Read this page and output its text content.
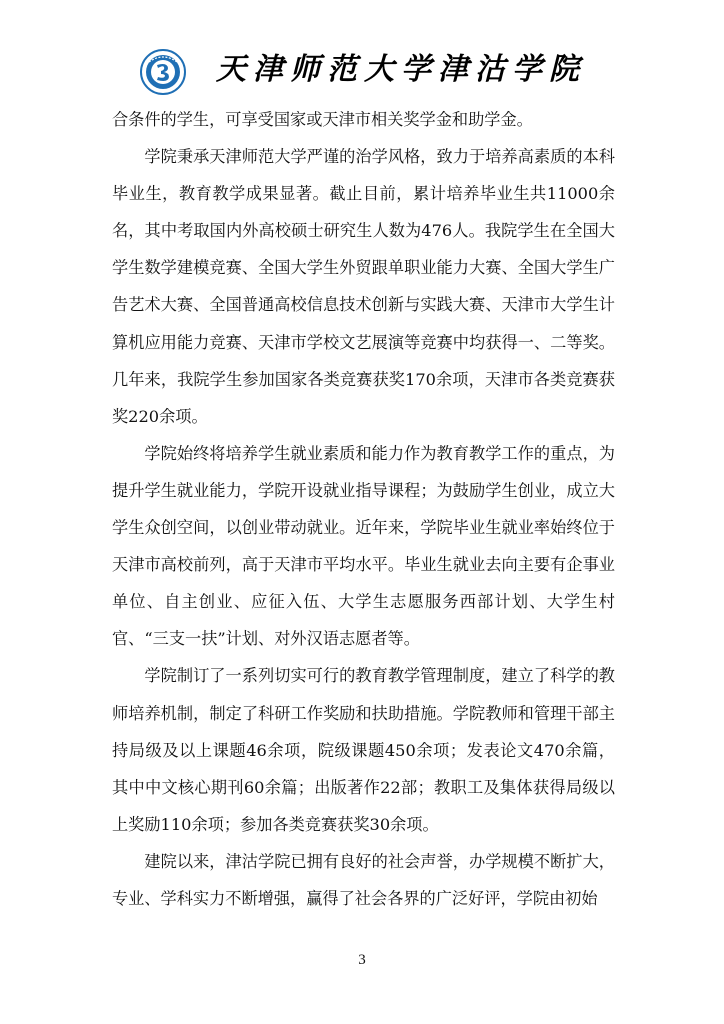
天津师范大学津沽学院

合条件的学生，可享受国家或天津市相关奖学金和助学金。

学院秉承天津师范大学严谨的治学风格，致力于培养高素质的本科毕业生，教育教学成果显著。截止目前，累计培养毕业生共11000余名，其中考取国内外高校硕士研究生人数为476人。我院学生在全国大学生数学建模竞赛、全国大学生外贸跟单职业能力大赛、全国大学生广告艺术大赛、全国普通高校信息技术创新与实践大赛、天津市大学生计算机应用能力竞赛、天津市学校文艺展演等竞赛中均获得一、二等奖。几年来，我院学生参加国家各类竞赛获奖170余项，天津市各类竞赛获奖220余项。

学院始终将培养学生就业素质和能力作为教育教学工作的重点，为提升学生就业能力，学院开设就业指导课程；为鼓励学生创业，成立大学生众创空间，以创业带动就业。近年来，学院毕业生就业率始终位于天津市高校前列，高于天津市平均水平。毕业生就业去向主要有企事业单位、自主创业、应征入伍、大学生志愿服务西部计划、大学生村官、“三支一扶”计划、对外汉语志愿者等。

学院制订了一系列切实可行的教育教学管理制度，建立了科学的教师培养机制，制定了科研工作奖励和扶助措施。学院教师和管理干部主持局级及以上课题46余项，院级课题450余项；发表论文470余篇，其中中文核心期刊60余篇；出版著作22部；教职工及集体获得局级以上奖励110余项；参加各类竞赛获奖30余项。

建院以来，津沽学院已拥有良好的社会声誉，办学规模不断扩大，专业、学科实力不断增强，赢得了社会各界的广泛好评，学院由初始

3
